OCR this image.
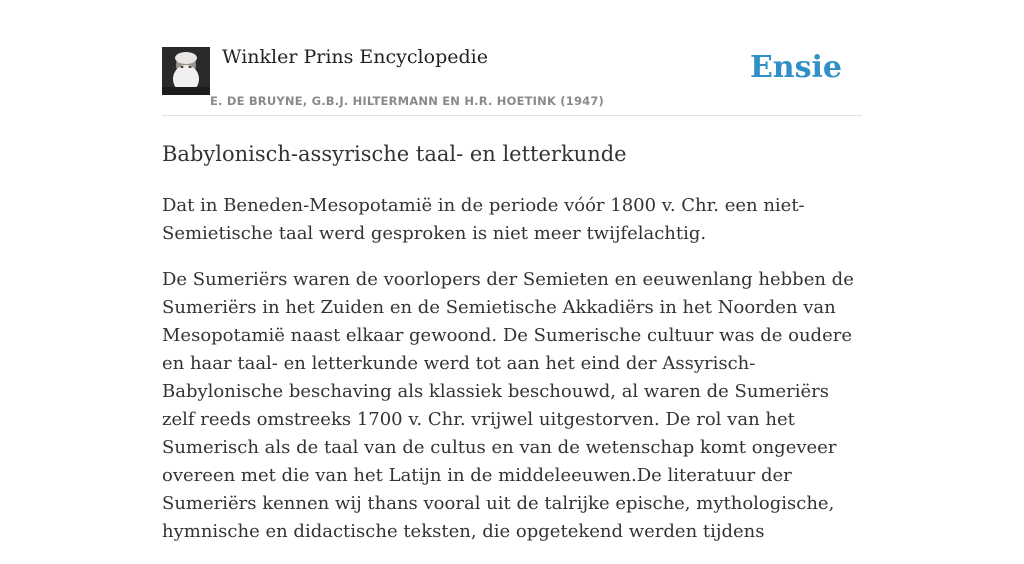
Winkler Prins Encyclopedie
E. DE BRUYNE, G.B.J. HILTERMANN EN H.R. HOETINK (1947)
Ensie
Babylonisch-assyrische taal- en letterkunde

Dat in Beneden-Mesopotamië in de periode vóór 1800 v. Chr. een niet-Semietische taal werd gesproken is niet meer twijfelachtig.

De Sumeriërs waren de voorlopers der Semieten en eeuwenlang hebben de Sumeriërs in het Zuiden en de Semietische Akkadiërs in het Noorden van Mesopotamië naast elkaar gewoond. De Sumerische cultuur was de oudere en haar taal- en letterkunde werd tot aan het eind der Assyrisch-Babylonische beschaving als klassiek beschouwd, al waren de Sumeriërs zelf reeds omstreeks 1700 v. Chr. vrijwel uitgestorven. De rol van het Sumerisch als de taal van de cultus en van de wetenschap komt ongeveer overeen met die van het Latijn in de middeleeuwen.De literatuur der Sumeriërs kennen wij thans vooral uit de talrijke epische, mythologische, hymnische en didactische teksten, die opgetekend werden tijdens
